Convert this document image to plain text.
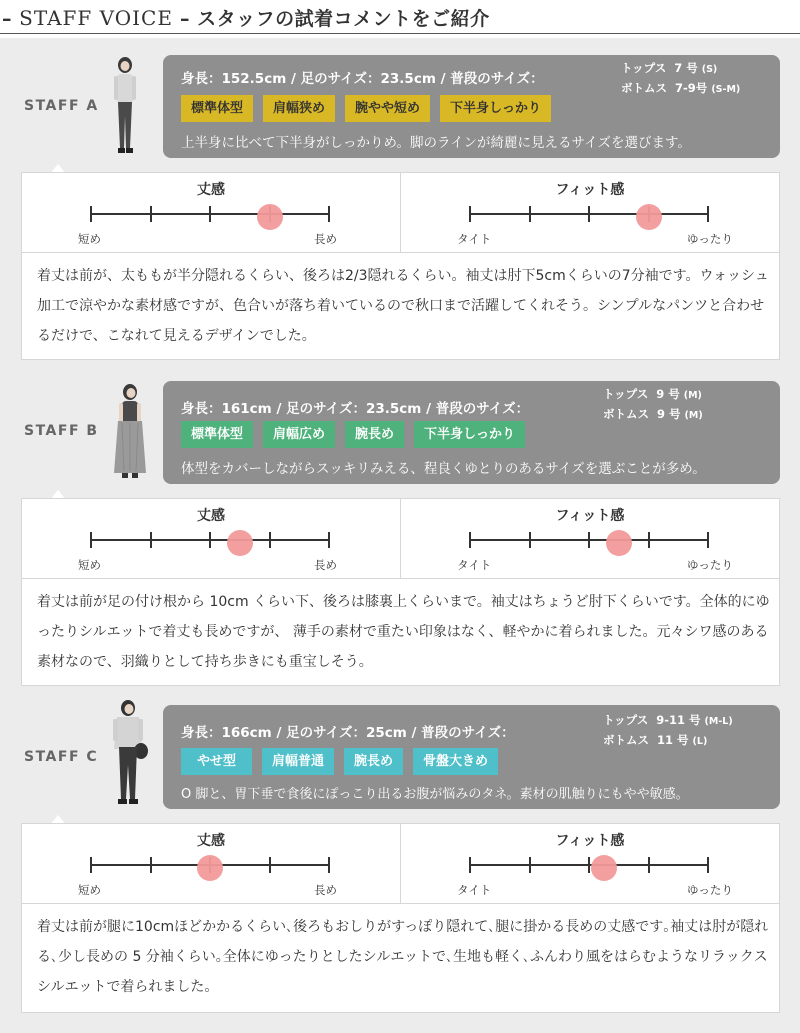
– STAFF VOICE – スタッフの試着コメントをご紹介
STAFF A
身長：152.5cm / 足のサイズ：23.5cm / 普段のサイズ：
トップス 7 号 (S)
ボトムス 7-9号 (S-M)
標準体型	肩幅狭め	腕やや短め	下半身しっかり
上半身に比べて下半身がしっかりめ。脚のラインが綺麗に見えるサイズを選びます。
丈感
短め	長め
フィット感
タイト	ゆったり
着丈は前が、太ももが半分隠れるくらい、後ろは2/3隠れるくらい。袖丈は肘下5cmくらいの7分袖です。ウォッシュ加工で涼やかな素材感ですが、色合いが落ち着いているので秋口まで活躍してくれそう。シンプルなパンツと合わせるだけで、こなれて見えるデザインでした。
STAFF B
身長：161cm / 足のサイズ：23.5cm / 普段のサイズ：
トップス 9 号 (M)
ボトムス 9 号 (M)
標準体型	肩幅広め	腕長め	下半身しっかり
体型をカバーしながらスッキリみえる、程良くゆとりのあるサイズを選ぶことが多め。
丈感
短め	長め
フィット感
タイト	ゆったり
着丈は前が足の付け根から 10cm くらい下、後ろは膝裏上くらいまで。袖丈はちょうど肘下くらいです。全体的にゆったりシルエットで着丈も長めですが、 薄手の素材で重たい印象はなく、軽やかに着られました。元々シワ感のある素材なので、羽織りとして持ち歩きにも重宝しそう。
STAFF C
身長：166cm / 足のサイズ：25cm / 普段のサイズ：
トップス 9-11 号 (M-L)
ボトムス 11 号 (L)
やせ型	肩幅普通	腕長め	骨盤大きめ
O 脚と、胃下垂で食後にぽっこり出るお腹が悩みのタネ。素材の肌触りにもやや敏感。
丈感
短め	長め
フィット感
タイト	ゆったり
着丈は前が腿に10cmほどかかるくらい､後ろもおしりがすっぽり隠れて､腿に掛かる長めの丈感です｡袖丈は肘が隠れる､少し長めの 5 分袖くらい｡全体にゆったりとしたシルエットで､生地も軽く､ふんわり風をはらむようなリラックスシルエットで着られました｡
